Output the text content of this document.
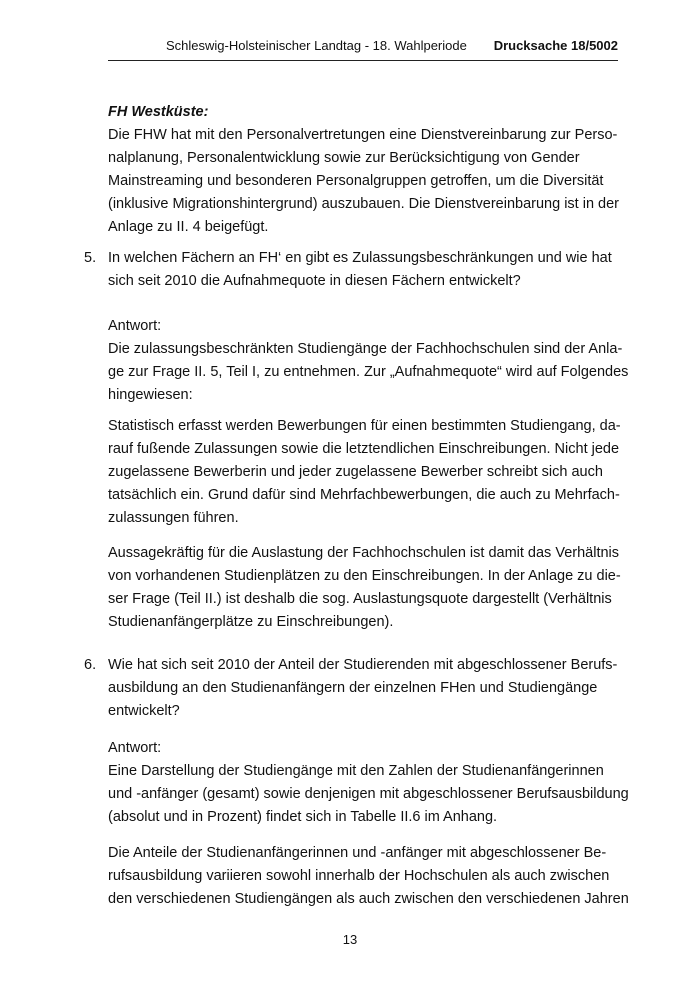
Schleswig-Holsteinischer Landtag - 18. Wahlperiode Drucksache 18/5002
FH Westküste:
Die FHW hat mit den Personalvertretungen eine Dienstvereinbarung zur Perso-
nalplanung, Personalentwicklung sowie zur Berücksichtigung von Gender
Mainstreaming und besonderen Personalgruppen getroffen, um die Diversität
(inklusive Migrationshintergrund) auszubauen. Die Dienstvereinbarung ist in der
Anlage zu II. 4 beigefügt.
5. In welchen Fächern an FH‘ en gibt es Zulassungsbeschränkungen und wie hat
sich seit 2010 die Aufnahmequote in diesen Fächern entwickelt?
Antwort:
Die zulassungsbeschränkten Studiengänge der Fachhochschulen sind der Anla-
ge zur Frage II. 5, Teil I, zu entnehmen. Zur „Aufnahmequote“ wird auf Folgendes
hingewiesen:
Statistisch erfasst werden Bewerbungen für einen bestimmten Studiengang, da-
rauf fußende Zulassungen sowie die letztendlichen Einschreibungen. Nicht jede
zugelassene Bewerberin und jeder zugelassene Bewerber schreibt sich auch
tatsächlich ein. Grund dafür sind Mehrfachbewerbungen, die auch zu Mehrfach-
zulassungen führen.
Aussagekräftig für die Auslastung der Fachhochschulen ist damit das Verhältnis
von vorhandenen Studienplätzen zu den Einschreibungen. In der Anlage zu die-
ser Frage (Teil II.) ist deshalb die sog. Auslastungsquote dargestellt (Verhältnis
Studienanfängerplätze zu Einschreibungen).
6. Wie hat sich seit 2010 der Anteil der Studierenden mit abgeschlossener Berufs-
ausbildung an den Studienanfängern der einzelnen FHen und Studiengänge
entwickelt?
Antwort:
Eine Darstellung der Studiengänge mit den Zahlen der Studienanfängerinnen
und -anfänger (gesamt) sowie denjenigen mit abgeschlossener Berufsausbildung
(absolut und in Prozent) findet sich in Tabelle II.6 im Anhang.
Die Anteile der Studienanfängerinnen und -anfänger mit abgeschlossener Be-
rufsausbildung variieren sowohl innerhalb der Hochschulen als auch zwischen
den verschiedenen Studiengängen als auch zwischen den verschiedenen Jahren
13
